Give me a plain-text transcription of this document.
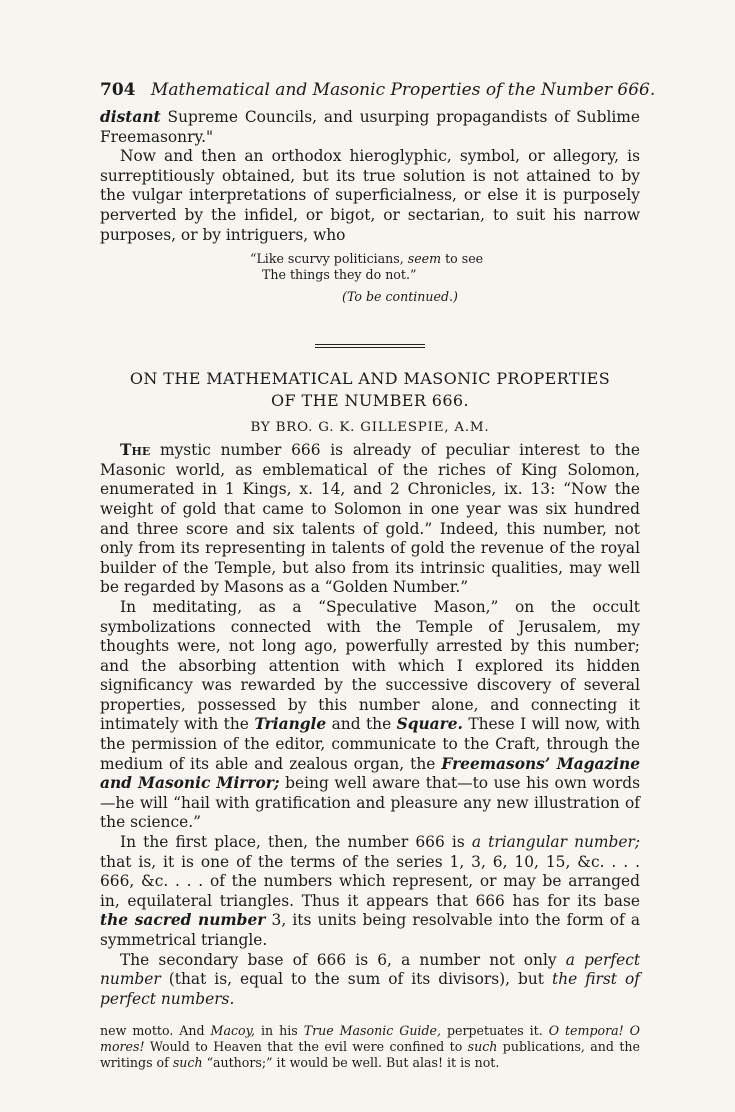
704 Mathematical and Masonic Properties of the Number 666.

distant Supreme Councils, and usurping propagandists of Sublime Freemasonry."

Now and then an orthodox hieroglyphic, symbol, or allegory, is surreptitiously obtained, but its true solution is not attained to by the vulgar interpretations of superficialness, or else it is purposely perverted by the infidel, or bigot, or sectarian, to suit his narrow purposes, or by intriguers, who

“Like scurvy politicians, seem to see
The things they do not.”
(To be continued.)
ON THE MATHEMATICAL AND MASONIC PROPERTIES
OF THE NUMBER 666.
BY BRO. G. K. GILLESPIE, A.M.

The mystic number 666 is already of peculiar interest to the Masonic world, as emblematical of the riches of King Solomon, enumerated in 1 Kings, x. 14, and 2 Chronicles, ix. 13: “Now the weight of gold that came to Solomon in one year was six hundred and three score and six talents of gold.” Indeed, this number, not only from its representing in talents of gold the revenue of the royal builder of the Temple, but also from its intrinsic qualities, may well be regarded by Masons as a “Golden Number.”

In meditating, as a “Speculative Mason,” on the occult symbolizations connected with the Temple of Jerusalem, my thoughts were, not long ago, powerfully arrested by this number; and the absorbing attention with which I explored its hidden significancy was rewarded by the successive discovery of several properties, possessed by this number alone, and connecting it intimately with the Triangle and the Square. These I will now, with the permission of the editor, communicate to the Craft, through the medium of its able and zealous organ, the Freemasons’ Magazine and Masonic Mirror; being well aware that—to use his own words—he will “hail with gratification and pleasure any new illustration of the science.”

In the first place, then, the number 666 is a triangular number; that is, it is one of the terms of the series 1, 3, 6, 10, 15, &c. . . . 666, &c. . . . of the numbers which represent, or may be arranged in, equilateral triangles. Thus it appears that 666 has for its base the sacred number 3, its units being resolvable into the form of a symmetrical triangle.

The secondary base of 666 is 6, a number not only a perfect number (that is, equal to the sum of its divisors), but the first of perfect numbers.

new motto. And Macoy, in his True Masonic Guide, perpetuates it. O tempora! O mores! Would to Heaven that the evil were confined to such publications, and the writings of such “authors;” it would be well. But alas! it is not.
